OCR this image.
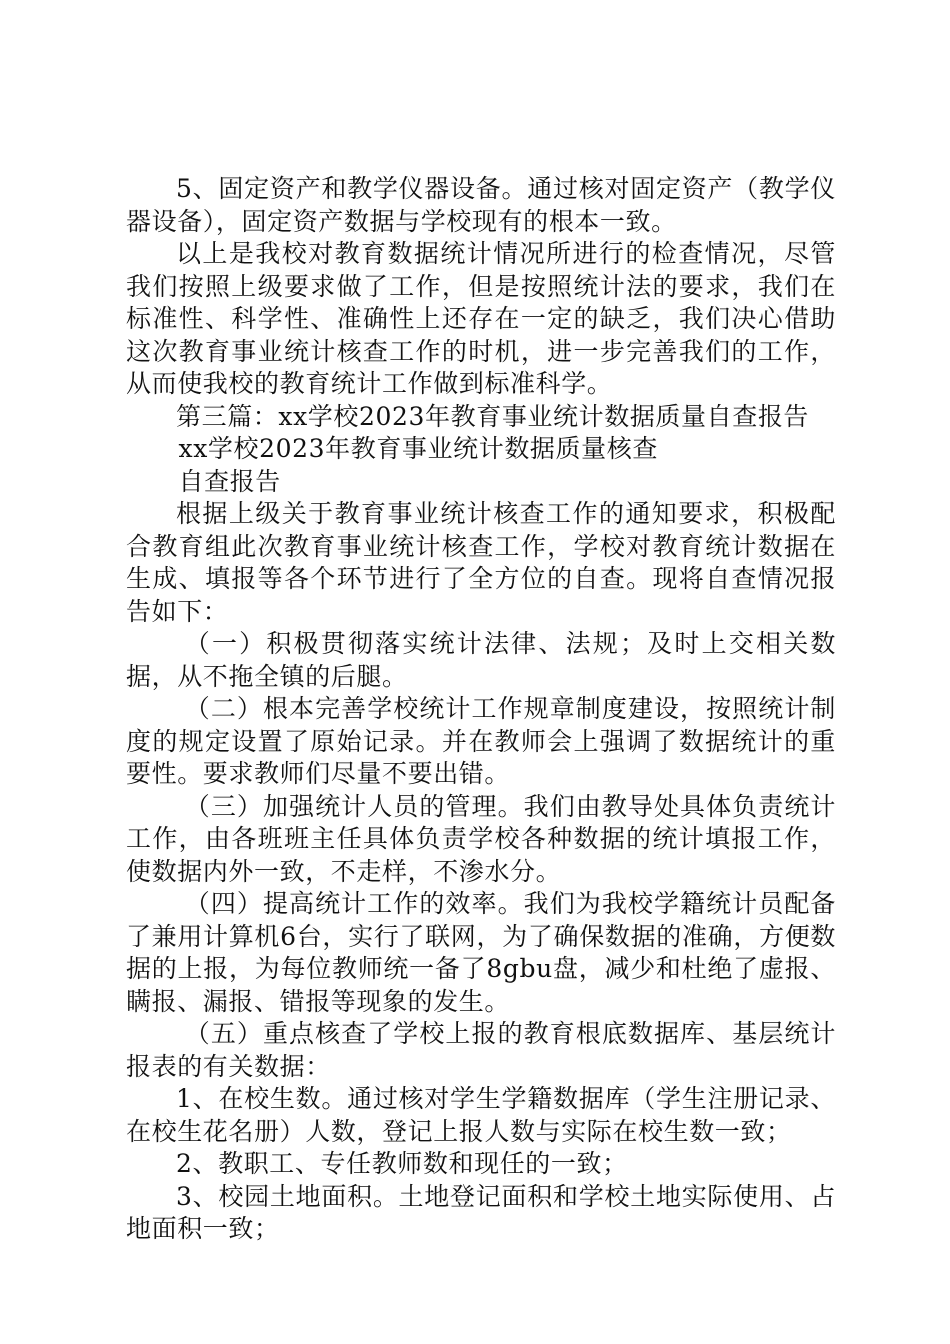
5、固定资产和教学仪器设备。通过核对固定资产（教学仪器设备），固定资产数据与学校现有的根本一致。

以上是我校对教育数据统计情况所进行的检查情况，尽管我们按照上级要求做了工作，但是按照统计法的要求，我们在标准性、科学性、准确性上还存在一定的缺乏，我们决心借助这次教育事业统计核查工作的时机，进一步完善我们的工作，从而使我校的教育统计工作做到标准科学。

第三篇：xx学校2023年教育事业统计数据质量自查报告

xx学校2023年教育事业统计数据质量核查

自查报告

根据上级关于教育事业统计核查工作的通知要求，积极配合教育组此次教育事业统计核查工作，学校对教育统计数据在生成、填报等各个环节进行了全方位的自查。现将自查情况报告如下：

（一）积极贯彻落实统计法律、法规；及时上交相关数据，从不拖全镇的后腿。

（二）根本完善学校统计工作规章制度建设，按照统计制度的规定设置了原始记录。并在教师会上强调了数据统计的重要性。要求教师们尽量不要出错。

（三）加强统计人员的管理。我们由教导处具体负责统计工作，由各班班主任具体负责学校各种数据的统计填报工作，使数据内外一致，不走样，不渗水分。

（四）提高统计工作的效率。我们为我校学籍统计员配备了兼用计算机6台，实行了联网，为了确保数据的准确，方便数据的上报，为每位教师统一备了8gbu盘，减少和杜绝了虚报、瞒报、漏报、错报等现象的发生。

（五）重点核查了学校上报的教育根底数据库、基层统计报表的有关数据：

1、在校生数。通过核对学生学籍数据库（学生注册记录、在校生花名册）人数，登记上报人数与实际在校生数一致；

2、教职工、专任教师数和现任的一致；

3、校园土地面积。土地登记面积和学校土地实际使用、占地面积一致；
